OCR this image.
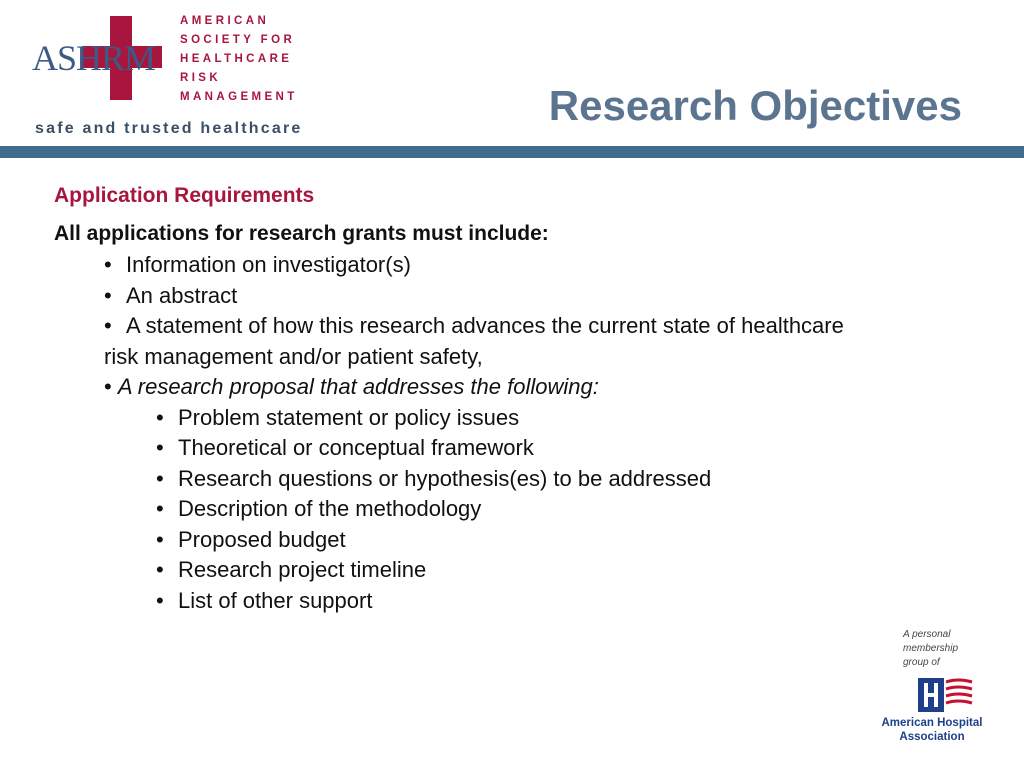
ASHRM
AMERICAN
SOCIETY FOR
HEALTHCARE
RISK
MANAGEMENT
safe and trusted healthcare	Research Objectives
Application Requirements
All applications for research grants must include:
• Information on investigator(s)
• An abstract
• A statement of how this research advances the current state of healthcare
risk management and/or patient safety,
• A research proposal that addresses the following:
• Problem statement or policy issues
• Theoretical or conceptual framework
• Research questions or hypothesis(es) to be addressed
• Description of the methodology
• Proposed budget
• Research project timeline
• List of other support
A personal
membership
group of
American Hospital
Association
